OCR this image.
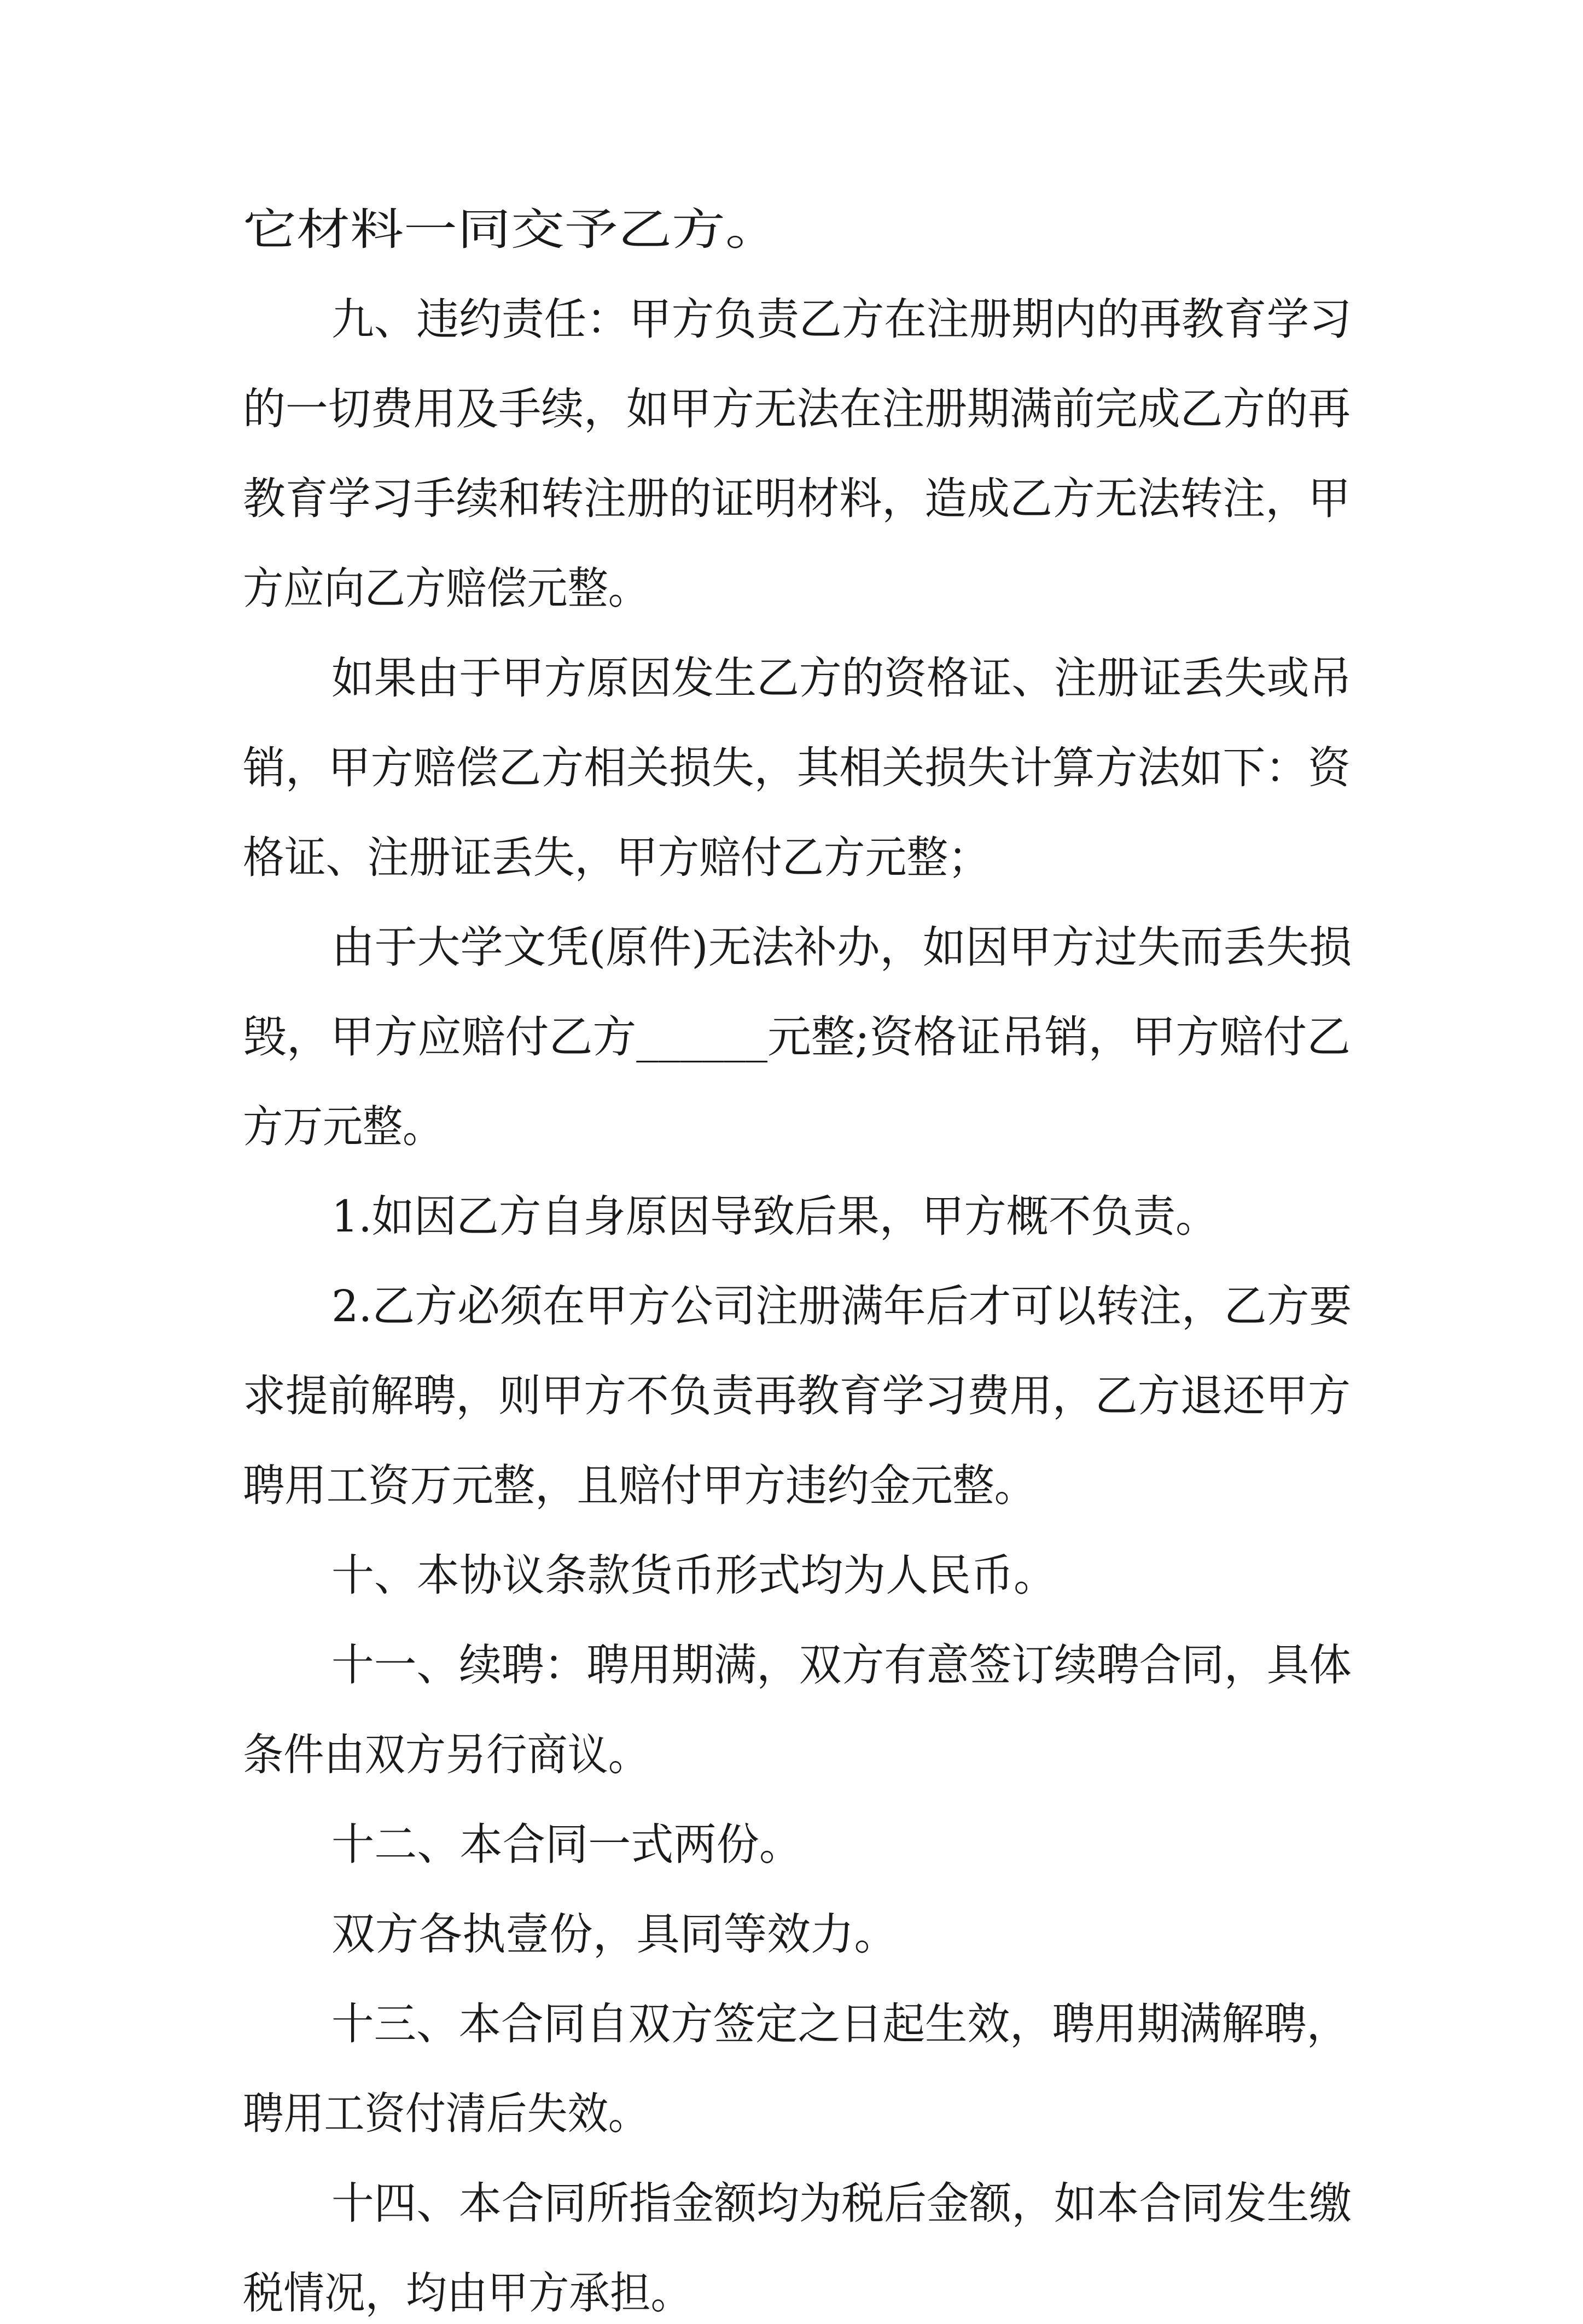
它材料一同交予乙方。

九、违约责任：甲方负责乙方在注册期内的再教育学习

的一切费用及手续，如甲方无法在注册期满前完成乙方的再

教育学习手续和转注册的证明材料，造成乙方无法转注，甲

方应向乙方赔偿元整。

如果由于甲方原因发生乙方的资格证、注册证丢失或吊

销，甲方赔偿乙方相关损失，其相关损失计算方法如下：资

格证、注册证丢失，甲方赔付乙方元整；

由于大学文凭(原件)无法补办，如因甲方过失而丢失损

毁，甲方应赔付乙方______元整;资格证吊销，甲方赔付乙

方万元整。

1.如因乙方自身原因导致后果，甲方概不负责。

2.乙方必须在甲方公司注册满年后才可以转注，乙方要

求提前解聘，则甲方不负责再教育学习费用，乙方退还甲方

聘用工资万元整，且赔付甲方违约金元整。

十、本协议条款货币形式均为人民币。

十一、续聘：聘用期满，双方有意签订续聘合同，具体

条件由双方另行商议。

十二、本合同一式两份。

双方各执壹份，具同等效力。

十三、本合同自双方签定之日起生效，聘用期满解聘，

聘用工资付清后失效。

十四、本合同所指金额均为税后金额，如本合同发生缴

税情况，均由甲方承担。
